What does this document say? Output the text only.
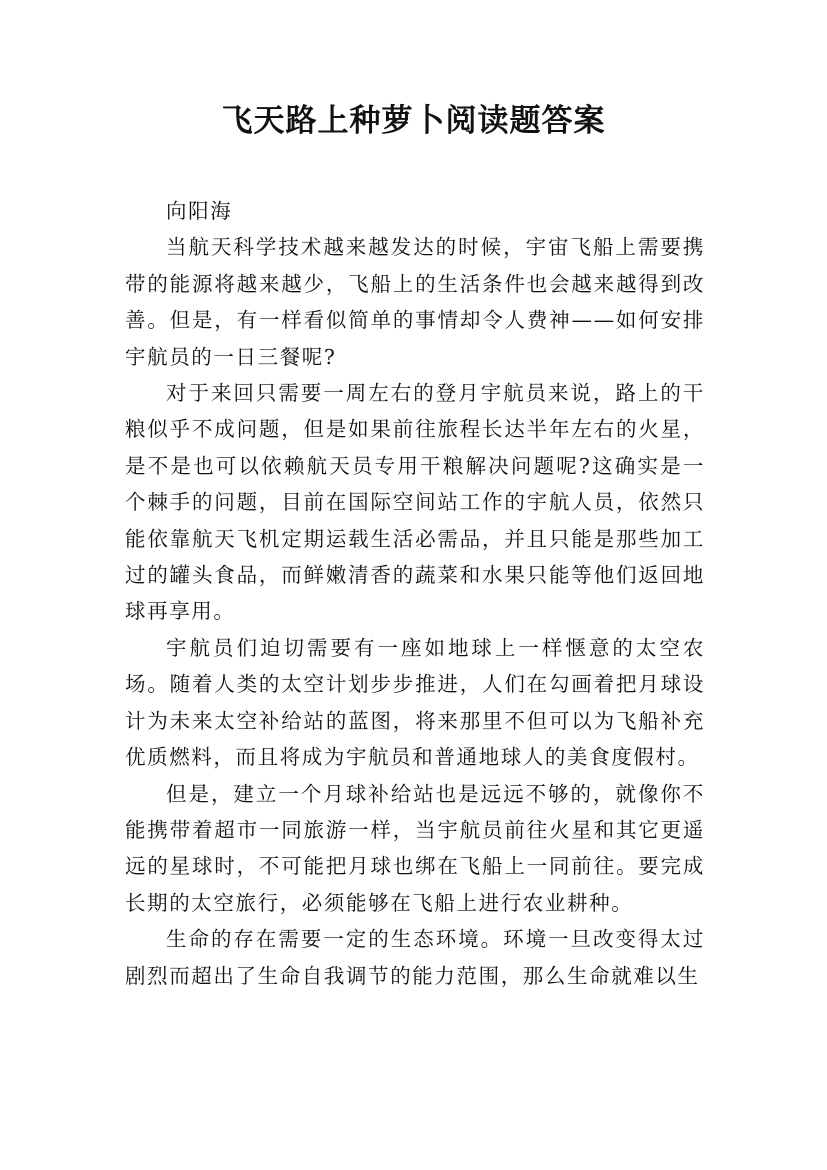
飞天路上种萝卜阅读题答案

向阳海

当航天科学技术越来越发达的时候，宇宙飞船上需要携带的能源将越来越少，飞船上的生活条件也会越来越得到改善。但是，有一样看似简单的事情却令人费神——如何安排宇航员的一日三餐呢?

对于来回只需要一周左右的登月宇航员来说，路上的干粮似乎不成问题，但是如果前往旅程长达半年左右的火星，是不是也可以依赖航天员专用干粮解决问题呢?这确实是一个棘手的问题，目前在国际空间站工作的宇航人员，依然只能依靠航天飞机定期运载生活必需品，并且只能是那些加工过的罐头食品，而鲜嫩清香的蔬菜和水果只能等他们返回地球再享用。

宇航员们迫切需要有一座如地球上一样惬意的太空农场。随着人类的太空计划步步推进，人们在勾画着把月球设计为未来太空补给站的蓝图，将来那里不但可以为飞船补充优质燃料，而且将成为宇航员和普通地球人的美食度假村。

但是，建立一个月球补给站也是远远不够的，就像你不能携带着超市一同旅游一样，当宇航员前往火星和其它更遥远的星球时，不可能把月球也绑在飞船上一同前往。要完成长期的太空旅行，必须能够在飞船上进行农业耕种。

生命的存在需要一定的生态环境。环境一旦改变得太过剧烈而超出了生命自我调节的能力范围，那么生命就难以生
